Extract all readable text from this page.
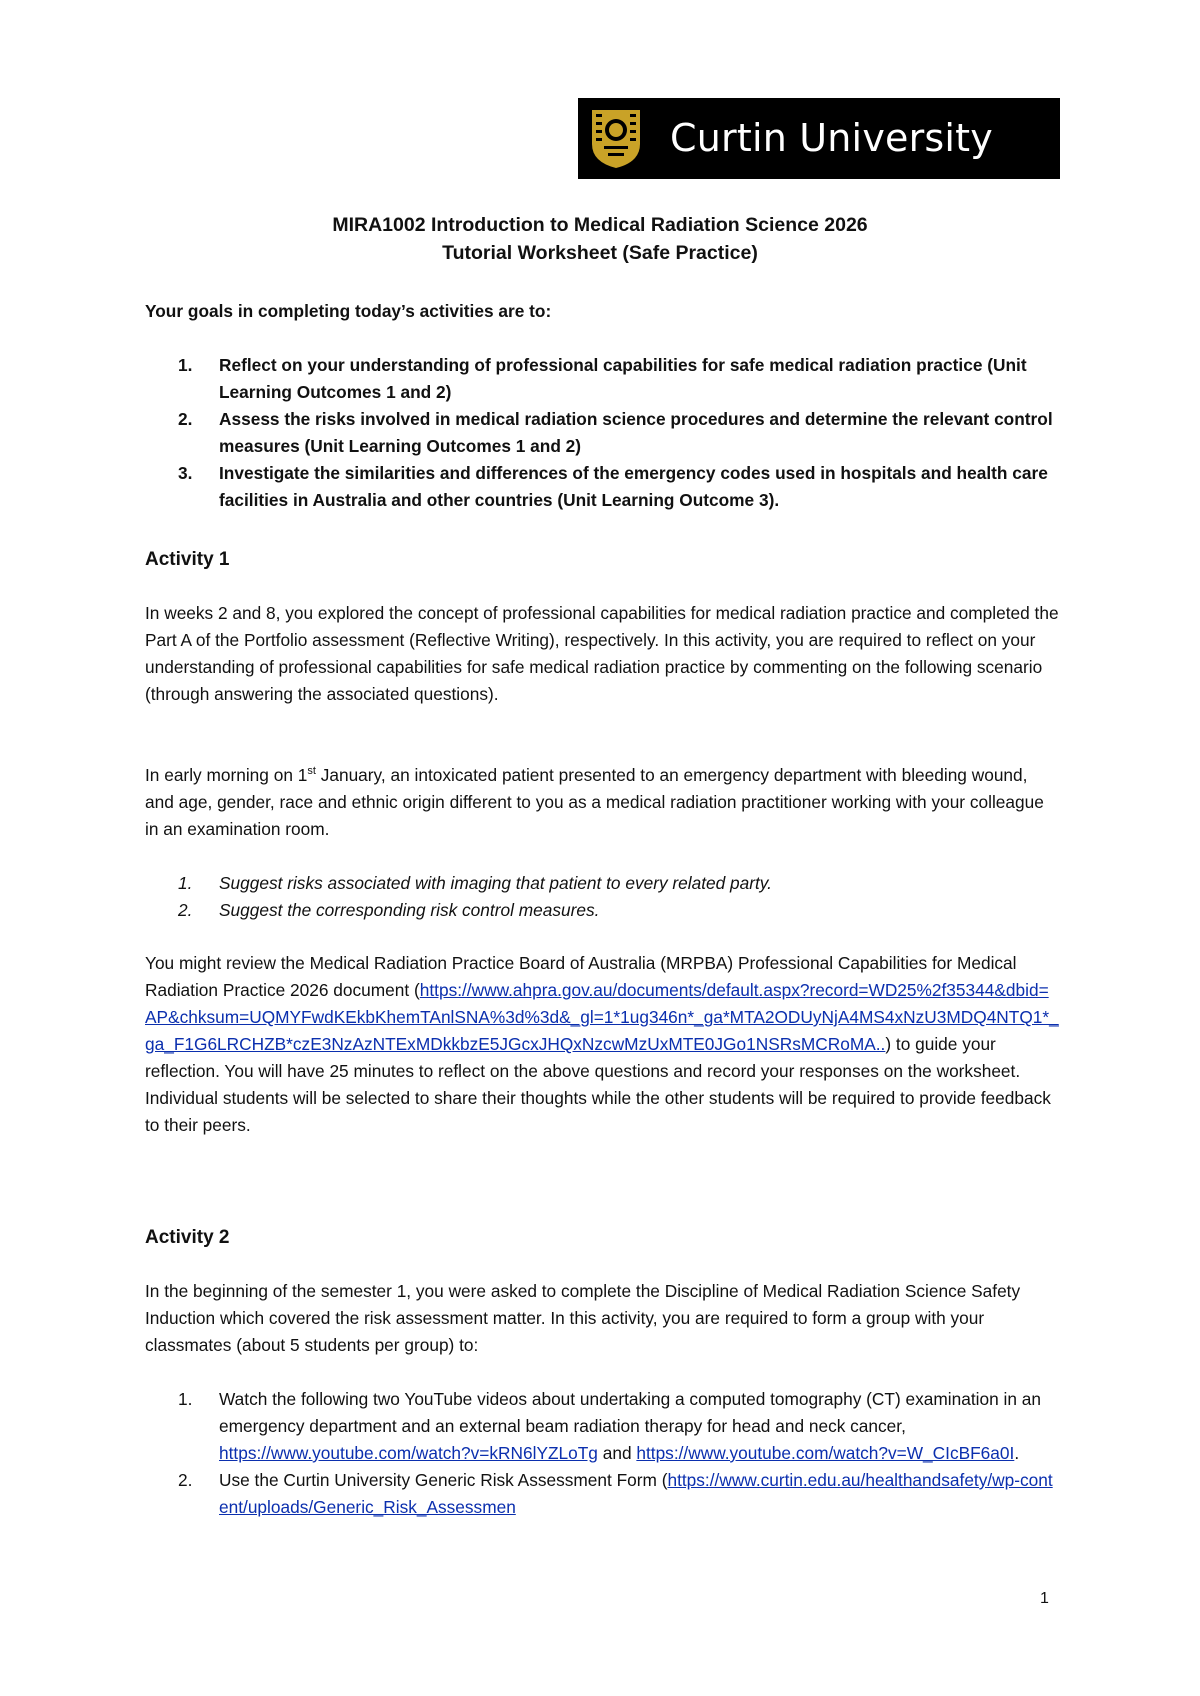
Curtin University
MIRA1002 Introduction to Medical Radiation Science 2026
Tutorial Worksheet (Safe Practice)
Your goals in completing today’s activities are to:
1. Reflect on your understanding of professional capabilities for safe medical radiation practice (Unit Learning Outcomes 1 and 2)
2. Assess the risks involved in medical radiation science procedures and determine the relevant control measures (Unit Learning Outcomes 1 and 2)
3. Investigate the similarities and differences of the emergency codes used in hospitals and health care facilities in Australia and other countries (Unit Learning Outcome 3).
Activity 1
In weeks 2 and 8, you explored the concept of professional capabilities for medical radiation practice and completed the Part A of the Portfolio assessment (Reflective Writing), respectively. In this activity, you are required to reflect on your understanding of professional capabilities for safe medical radiation practice by commenting on the following scenario (through answering the associated questions).
In early morning on 1st January, an intoxicated patient presented to an emergency department with bleeding wound, and age, gender, race and ethnic origin different to you as a medical radiation practitioner working with your colleague in an examination room.
1. Suggest risks associated with imaging that patient to every related party.
2. Suggest the corresponding risk control measures.
You might review the Medical Radiation Practice Board of Australia (MRPBA) Professional Capabilities for Medical Radiation Practice 2026 document (https://www.ahpra.gov.au/documents/default.aspx?record=WD25%2f35344&dbid=AP&chksum=UQMYFwdKEkbKhemTAnlSNA%3d%3d&_gl=1*1ug346n*_ga*MTA2ODUyNjA4MS4xNzU3MDQ4NTQ1*_ga_F1G6LRCHZB*czE3NzAzNTExMDkkbzE5JGcxJHQxNzcwMzUxMTE0JGo1NSRsMCRoMA..) to guide your reflection. You will have 25 minutes to reflect on the above questions and record your responses on the worksheet. Individual students will be selected to share their thoughts while the other students will be required to provide feedback to their peers.
Activity 2
In the beginning of the semester 1, you were asked to complete the Discipline of Medical Radiation Science Safety Induction which covered the risk assessment matter. In this activity, you are required to form a group with your classmates (about 5 students per group) to:
1. Watch the following two YouTube videos about undertaking a computed tomography (CT) examination in an emergency department and an external beam radiation therapy for head and neck cancer, https://www.youtube.com/watch?v=kRN6lYZLoTg and https://www.youtube.com/watch?v=W_CIcBF6a0I.
2. Use the Curtin University Generic Risk Assessment Form (https://www.curtin.edu.au/healthandsafety/wp-content/uploads/Generic_Risk_Assessmen
1
